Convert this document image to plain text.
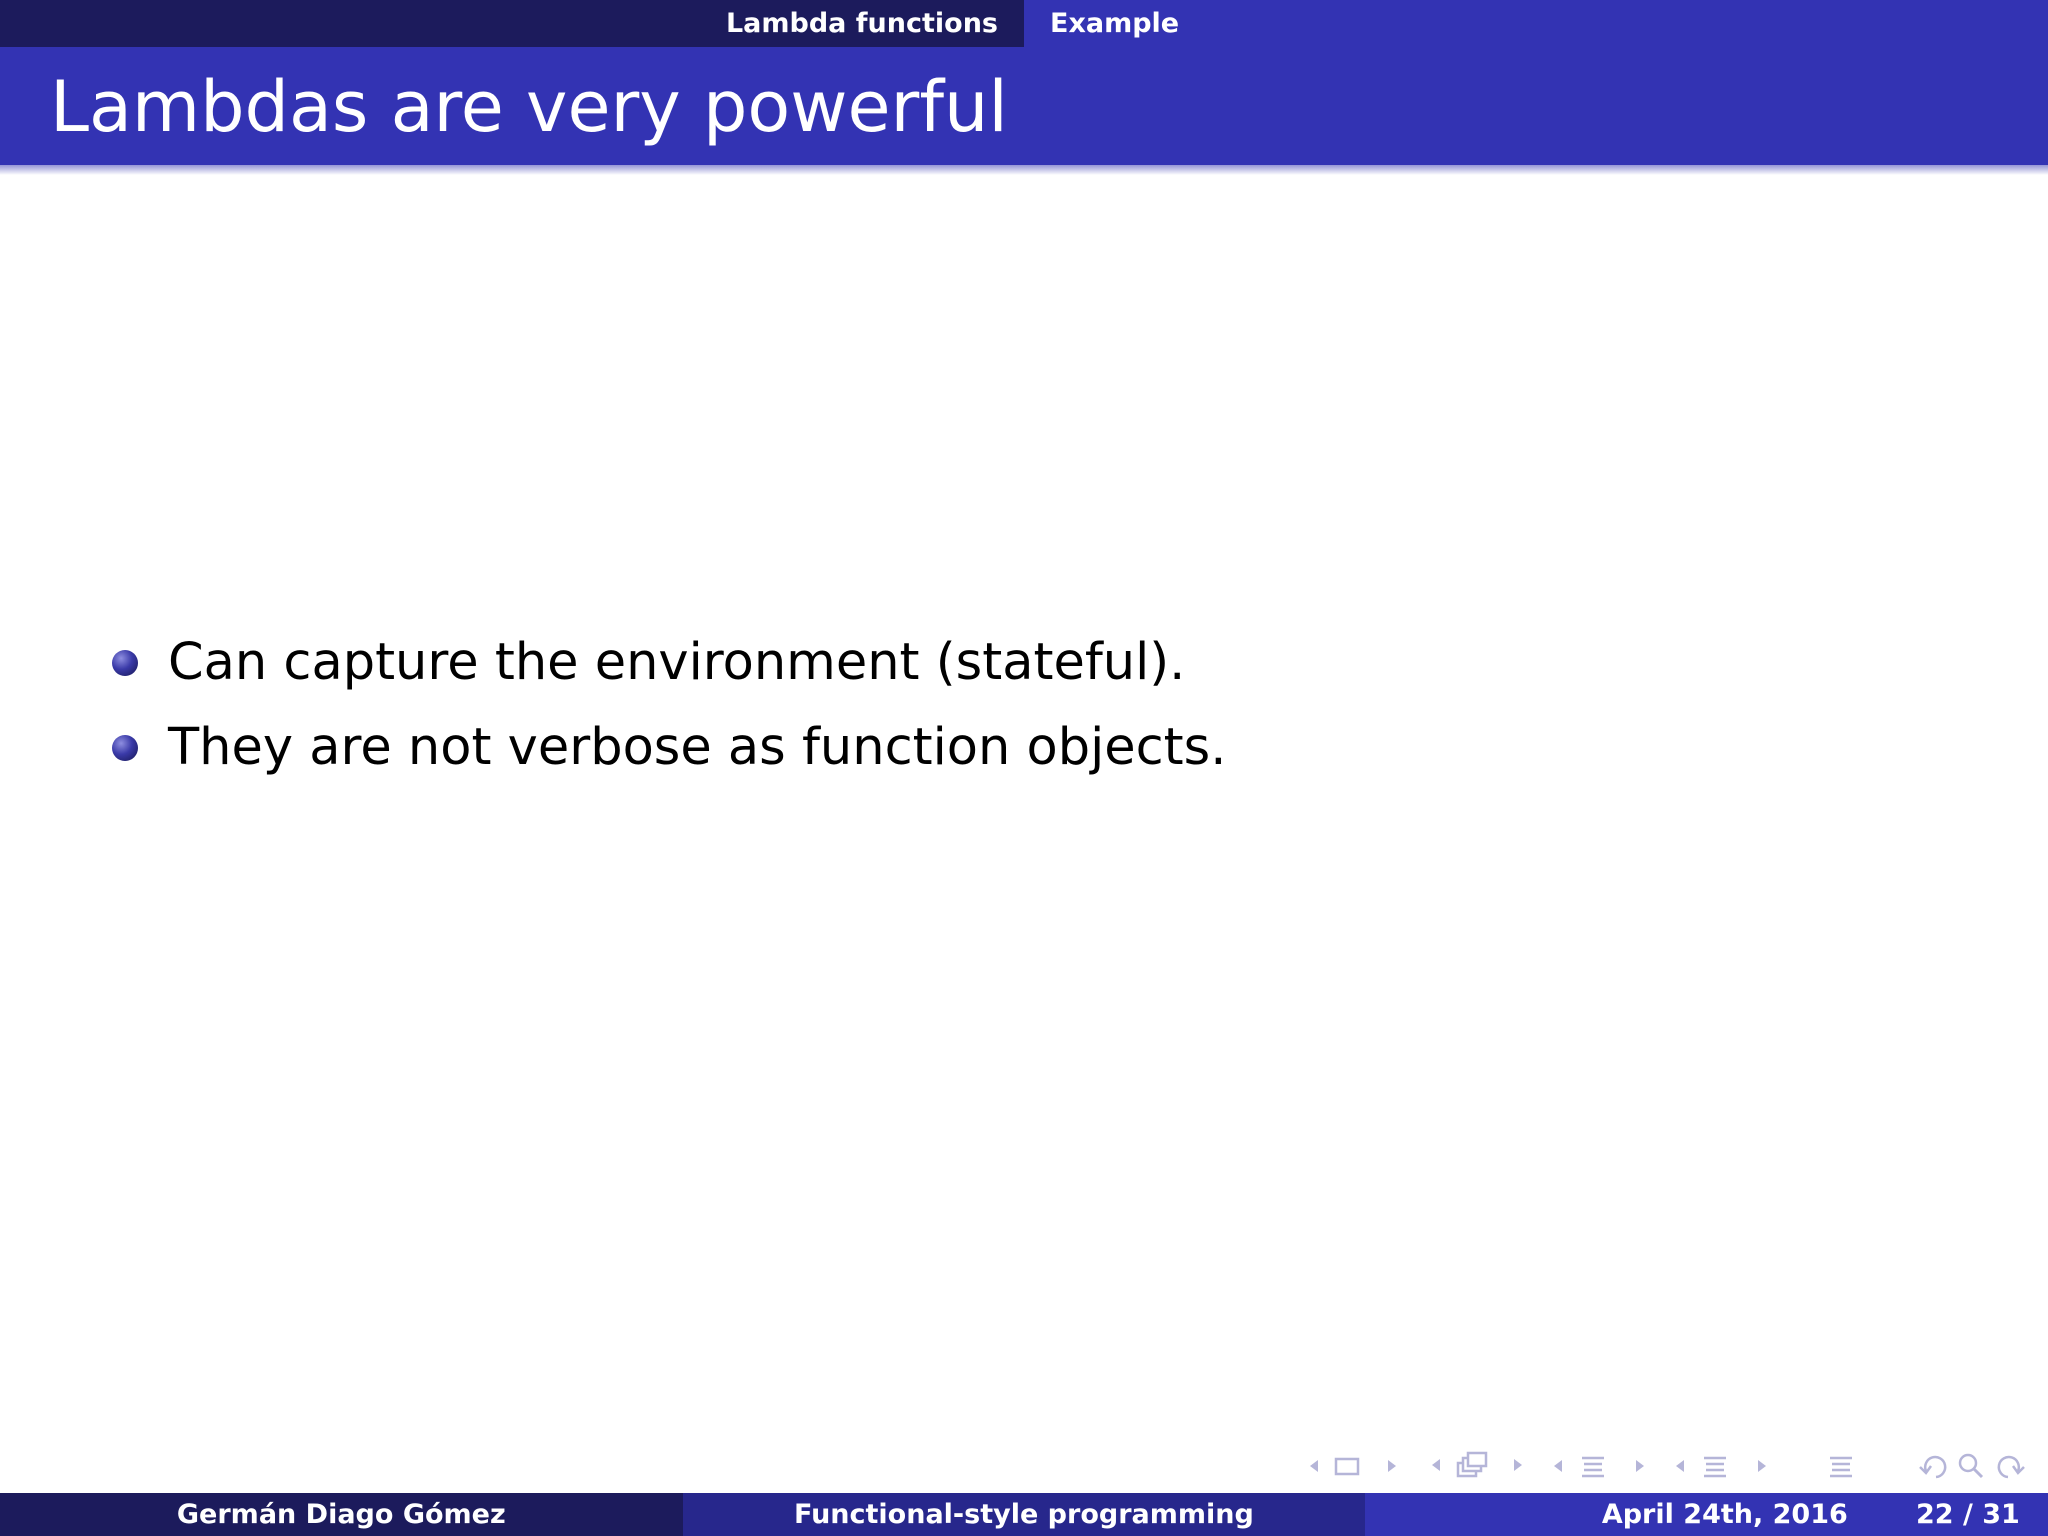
Lambda functions Example
Lambdas are very powerful
Can capture the environment (stateful).
They are not verbose as function objects.
Germán Diago Gómez	Functional-style programming	April 24th, 2016	22 / 31
